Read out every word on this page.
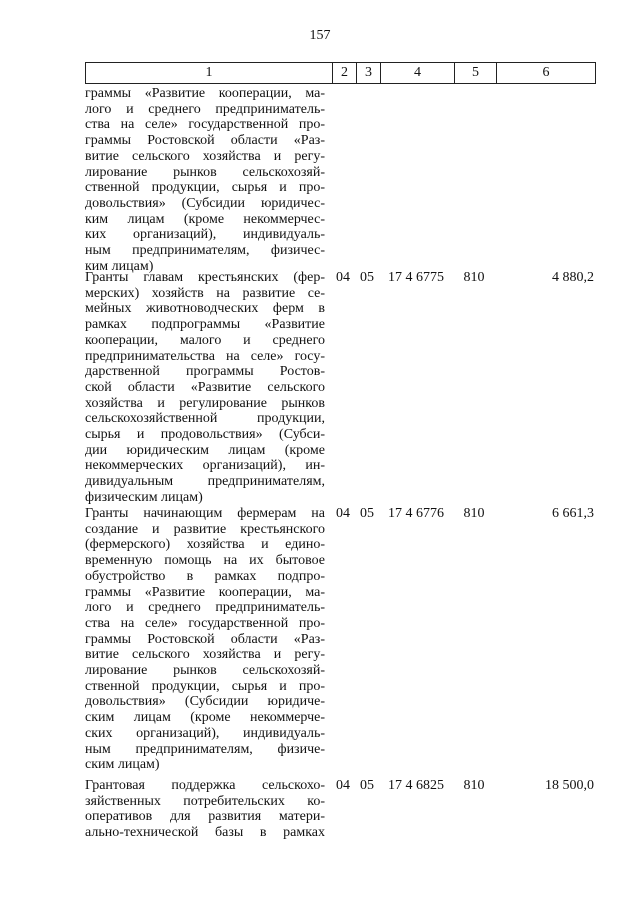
157
1	2	3	4	5	6
граммы «Развитие кооперации, ма-
лого и среднего предприниматель-
ства на селе» государственной про-
граммы Ростовской области «Раз-
витие сельского хозяйства и регу-
лирование рынков сельскохозяй-
ственной продукции, сырья и про-
довольствия» (Субсидии юридичес-
ким лицам (кроме некоммерчес-
ких организаций), индивидуаль-
ным предпринимателям, физичес-
ким лицам)
Гранты главам крестьянских (фер-
мерских) хозяйств на развитие се-
мейных животноводческих ферм в
рамках подпрограммы «Развитие
кооперации, малого и среднего
предпринимательства на селе» госу-
дарственной программы Ростов-
ской области «Развитие сельского
хозяйства и регулирование рынков
сельскохозяйственной продукции,
сырья и продовольствия» (Субси-
дии юридическим лицам (кроме
некоммерческих организаций), ин-
дивидуальным предпринимателям,
физическим лицам)
04 05	17 4 6775	810	4 880,2
Гранты начинающим фермерам на
создание и развитие крестьянского
(фермерского) хозяйства и едино-
временную помощь на их бытовое
обустройство в рамках подпро-
граммы «Развитие кооперации, ма-
лого и среднего предприниматель-
ства на селе» государственной про-
граммы Ростовской области «Раз-
витие сельского хозяйства и регу-
лирование рынков сельскохозяй-
ственной продукции, сырья и про-
довольствия» (Субсидии юридиче-
ским лицам (кроме некоммерче-
ских организаций), индивидуаль-
ным предпринимателям, физиче-
ским лицам)
04 05	17 4 6776	810	6 661,3
Грантовая поддержка сельскохо-
зяйственных потребительских ко-
оперативов для развития матери-
ально-технической базы в рамках
04 05	17 4 6825	810	18 500,0
